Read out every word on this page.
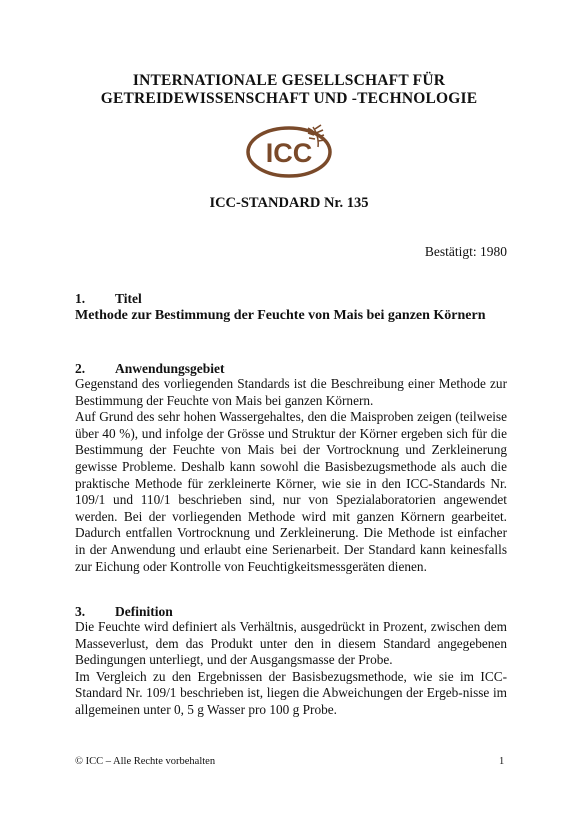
INTERNATIONALE GESELLSCHAFT FÜR
GETREIDEWISSENSCHAFT UND -TECHNOLOGIE
ICC
ICC-STANDARD Nr. 135
Bestätigt: 1980
1. Titel
Methode zur Bestimmung der Feuchte von Mais bei ganzen Körnern
2. Anwendungsgebiet

Gegenstand des vorliegenden Standards ist die Beschreibung einer Methode zur Bestimmung der Feuchte von Mais bei ganzen Körnern.

Auf Grund des sehr hohen Wassergehaltes, den die Maisproben zeigen (teilweise über 40 %), und infolge der Grösse und Struktur der Körner ergeben sich für die Bestimmung der Feuchte von Mais bei der Vortrocknung und Zerkleinerung gewisse Probleme. Deshalb kann sowohl die Basisbezugsmethode als auch die praktische Methode für zerkleinerte Körner, wie sie in den ICC-Standards Nr. 109/1 und 110/1 beschrieben sind, nur von Spezialaboratorien angewendet werden. Bei der vorliegenden Methode wird mit ganzen Körnern gearbeitet. Dadurch entfallen Vortrocknung und Zerkleinerung. Die Methode ist einfacher in der Anwendung und erlaubt eine Serienarbeit. Der Standard kann keinesfalls zur Eichung oder Kontrolle von Feuchtigkeitsmessgeräten dienen.

3. Definition

Die Feuchte wird definiert als Verhältnis, ausgedrückt in Prozent, zwischen dem Masseverlust, dem das Produkt unter den in diesem Standard angegebenen Bedingungen unterliegt, und der Ausgangsmasse der Probe.

Im Vergleich zu den Ergebnissen der Basisbezugsmethode, wie sie im ICC-Standard Nr. 109/1 beschrieben ist, liegen die Abweichungen der Ergeb-nisse im allgemeinen unter 0, 5 g Wasser pro 100 g Probe.

© ICC – Alle Rechte vorbehalten	1
